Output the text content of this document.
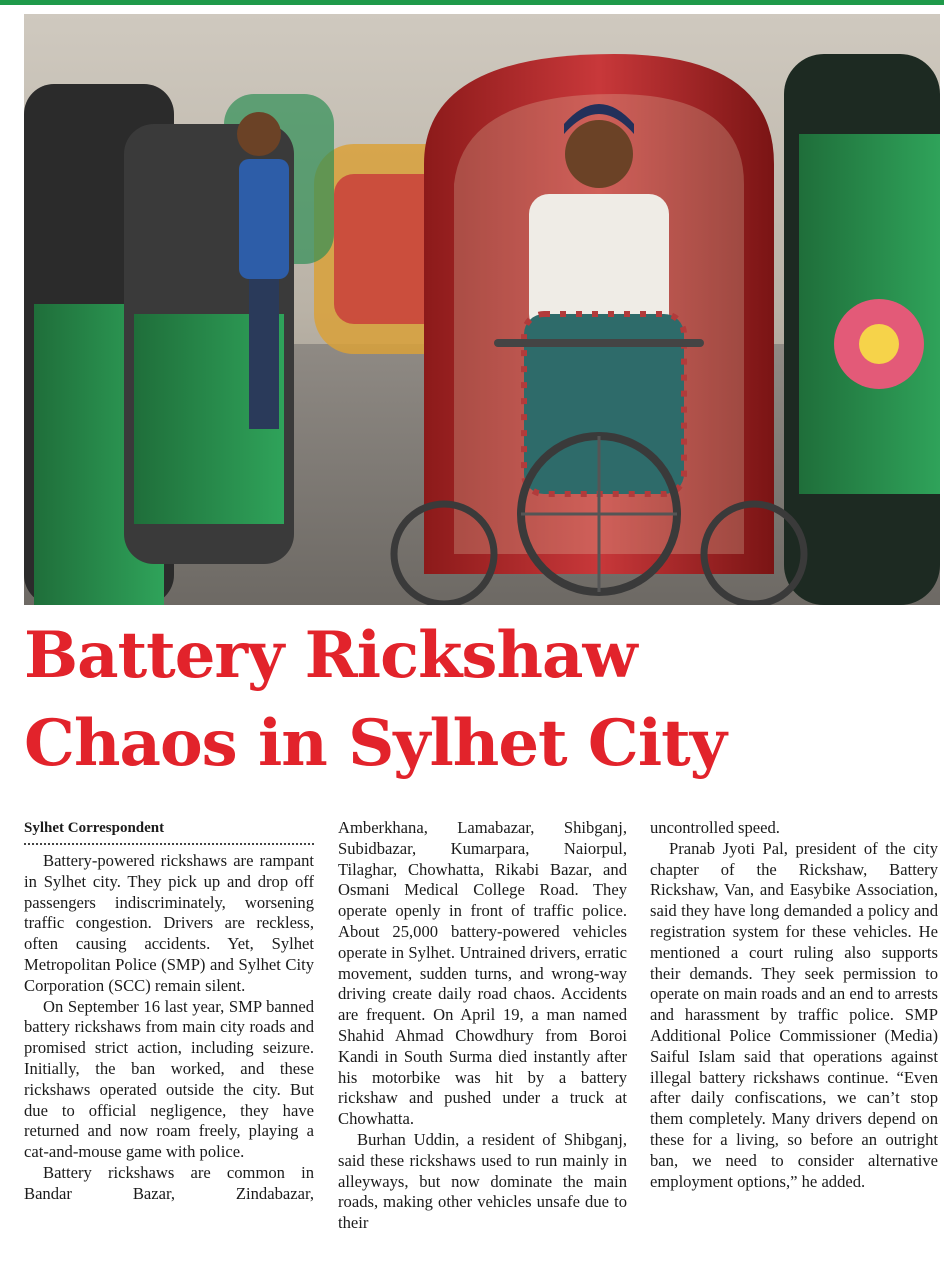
Battery Rickshaw
Chaos in Sylhet City
Sylhet Correspondent

Battery-powered rickshaws are rampant in Sylhet city. They pick up and drop off passengers indiscriminately, worsening traffic congestion. Drivers are reckless, often causing accidents. Yet, Sylhet Metropolitan Police (SMP) and Sylhet City Corporation (SCC) remain silent.

On September 16 last year, SMP banned battery rickshaws from main city roads and promised strict action, including seizure. Initially, the ban worked, and these rickshaws operated outside the city. But due to official negligence, they have returned and now roam freely, playing a cat-and-mouse game with police.

Battery rickshaws are common in Bandar Bazar, Zindabazar,

Amberkhana, Lamabazar, Shibganj, Subidbazar, Kumarpara, Naiorpul, Tilaghar, Chowhatta, Rikabi Bazar, and Osmani Medical College Road. They operate openly in front of traffic police. About 25,000 battery-powered vehicles operate in Sylhet. Untrained drivers, erratic movement, sudden turns, and wrong-way driving create daily road chaos. Accidents are frequent. On April 19, a man named Shahid Ahmad Chowdhury from Boroi Kandi in South Surma died instantly after his motorbike was hit by a battery rickshaw and pushed under a truck at Chowhatta.

Burhan Uddin, a resident of Shibganj, said these rickshaws used to run mainly in alleyways, but now dominate the main roads, making other vehicles unsafe due to their

uncontrolled speed.

Pranab Jyoti Pal, president of the city chapter of the Rickshaw, Battery Rickshaw, Van, and Easybike Association, said they have long demanded a policy and registration system for these vehicles. He mentioned a court ruling also supports their demands. They seek permission to operate on main roads and an end to arrests and harassment by traffic police. SMP Additional Police Commissioner (Media) Saiful Islam said that operations against illegal battery rickshaws continue. “Even after daily confiscations, we can’t stop them completely. Many drivers depend on these for a living, so before an outright ban, we need to consider alternative employment options,” he added.
